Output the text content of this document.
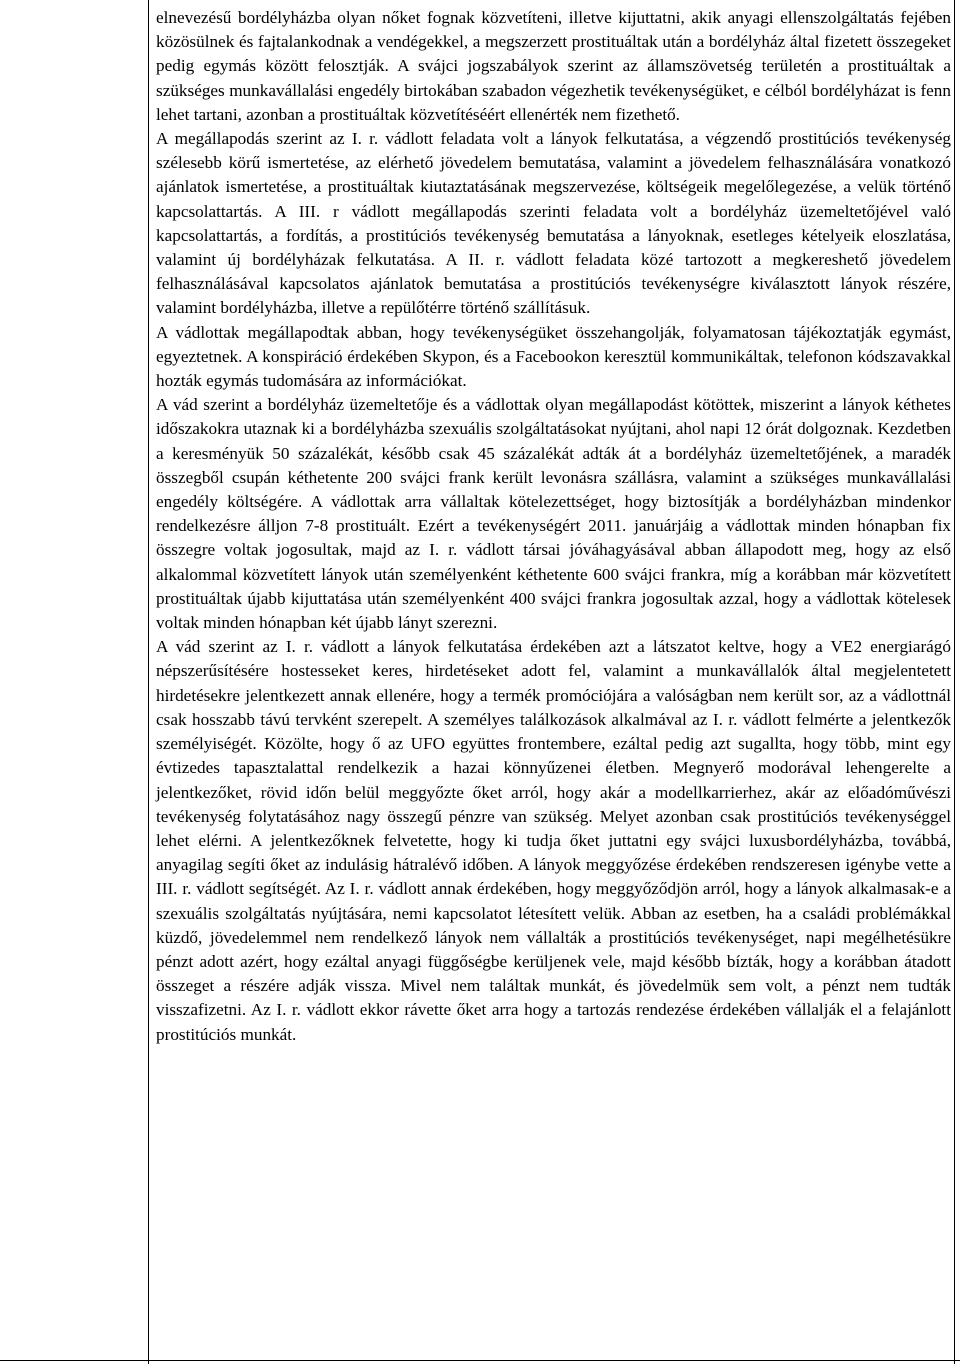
elnevezésű bordélyházba olyan nőket fognak közvetíteni, illetve kijuttatni, akik anyagi ellenszolgáltatás fejében közösülnek és fajtalankodnak a vendégekkel, a megszerzett prostituáltak után a bordélyház által fizetett összegeket pedig egymás között felosztják. A svájci jogszabályok szerint az államszövetség területén a prostituáltak a szükséges munkavállalási engedély birtokában szabadon végezhetik tevékenységüket, e célból bordélyházat is fenn lehet tartani, azonban a prostituáltak közvetítéséért ellenérték nem fizethető.

A megállapodás szerint az I. r. vádlott feladata volt a lányok felkutatása, a végzendő prostitúciós tevékenység szélesebb körű ismertetése, az elérhető jövedelem bemutatása, valamint a jövedelem felhasználására vonatkozó ajánlatok ismertetése, a prostituáltak kiutaztatásának megszervezése, költségeik megelőlegezése, a velük történő kapcsolattartás. A III. r vádlott megállapodás szerinti feladata volt a bordélyház üzemeltetőjével való kapcsolattartás, a fordítás, a prostitúciós tevékenység bemutatása a lányoknak, esetleges kételyeik eloszlatása, valamint új bordélyházak felkutatása. A II. r. vádlott feladata közé tartozott a megkereshető jövedelem felhasználásával kapcsolatos ajánlatok bemutatása a prostitúciós tevékenységre kiválasztott lányok részére, valamint bordélyházba, illetve a repülőtérre történő szállításuk.

A vádlottak megállapodtak abban, hogy tevékenységüket összehangolják, folyamatosan tájékoztatják egymást, egyeztetnek. A konspiráció érdekében Skypon, és a Facebookon keresztül kommunikáltak, telefonon kódszavakkal hozták egymás tudomására az információkat.

A vád szerint a bordélyház üzemeltetője és a vádlottak olyan megállapodást kötöttek, miszerint a lányok kéthetes időszakokra utaznak ki a bordélyházba szexuális szolgáltatásokat nyújtani, ahol napi 12 órát dolgoznak. Kezdetben a keresményük 50 százalékát, később csak 45 százalékát adták át a bordélyház üzemeltetőjének, a maradék összegből csupán kéthetente 200 svájci frank került levonásra szállásra, valamint a szükséges munkavállalási engedély költségére. A vádlottak arra vállaltak kötelezettséget, hogy biztosítják a bordélyházban mindenkor rendelkezésre álljon 7-8 prostituált. Ezért a tevékenységért 2011. januárjáig a vádlottak minden hónapban fix összegre voltak jogosultak, majd az I. r. vádlott társai jóváhagyásával abban állapodott meg, hogy az első alkalommal közvetített lányok után személyenként kéthetente 600 svájci frankra, míg a korábban már közvetített prostituáltak újabb kijuttatása után személyenként 400 svájci frankra jogosultak azzal, hogy a vádlottak kötelesek voltak minden hónapban két újabb lányt szerezni.

A vád szerint az I. r. vádlott a lányok felkutatása érdekében azt a látszatot keltve, hogy a VE2 energiarágó népszerűsítésére hostesseket keres, hirdetéseket adott fel, valamint a munkavállalók által megjelentetett hirdetésekre jelentkezett annak ellenére, hogy a termék promóciójára a valóságban nem került sor, az a vádlottnál csak hosszabb távú tervként szerepelt. A személyes találkozások alkalmával az I. r. vádlott felmérte a jelentkezők személyiségét. Közölte, hogy ő az UFO együttes frontembere, ezáltal pedig azt sugallta, hogy több, mint egy évtizedes tapasztalattal rendelkezik a hazai könnyűzenei életben. Megnyerő modorával lehengerelte a jelentkezőket, rövid időn belül meggyőzte őket arról, hogy akár a modellkarrierhez, akár az előadóművészi tevékenység folytatásához nagy összegű pénzre van szükség. Melyet azonban csak prostitúciós tevékenységgel lehet elérni. A jelentkezőknek felvetette, hogy ki tudja őket juttatni egy svájci luxusbordélyházba, továbbá, anyagilag segíti őket az indulásig hátralévő időben. A lányok meggyőzése érdekében rendszeresen igénybe vette a III. r. vádlott segítségét. Az I. r. vádlott annak érdekében, hogy meggyőződjön arról, hogy a lányok alkalmasak-e a szexuális szolgáltatás nyújtására, nemi kapcsolatot létesített velük. Abban az esetben, ha a családi problémákkal küzdő, jövedelemmel nem rendelkező lányok nem vállalták a prostitúciós tevékenységet, napi megélhetésükre pénzt adott azért, hogy ezáltal anyagi függőségbe kerüljenek vele, majd később bízták, hogy a korábban átadott összeget a részére adják vissza. Mivel nem találtak munkát, és jövedelmük sem volt, a pénzt nem tudták visszafizetni. Az I. r. vádlott ekkor rávette őket arra hogy a tartozás rendezése érdekében vállalják el a felajánlott prostitúciós munkát.
